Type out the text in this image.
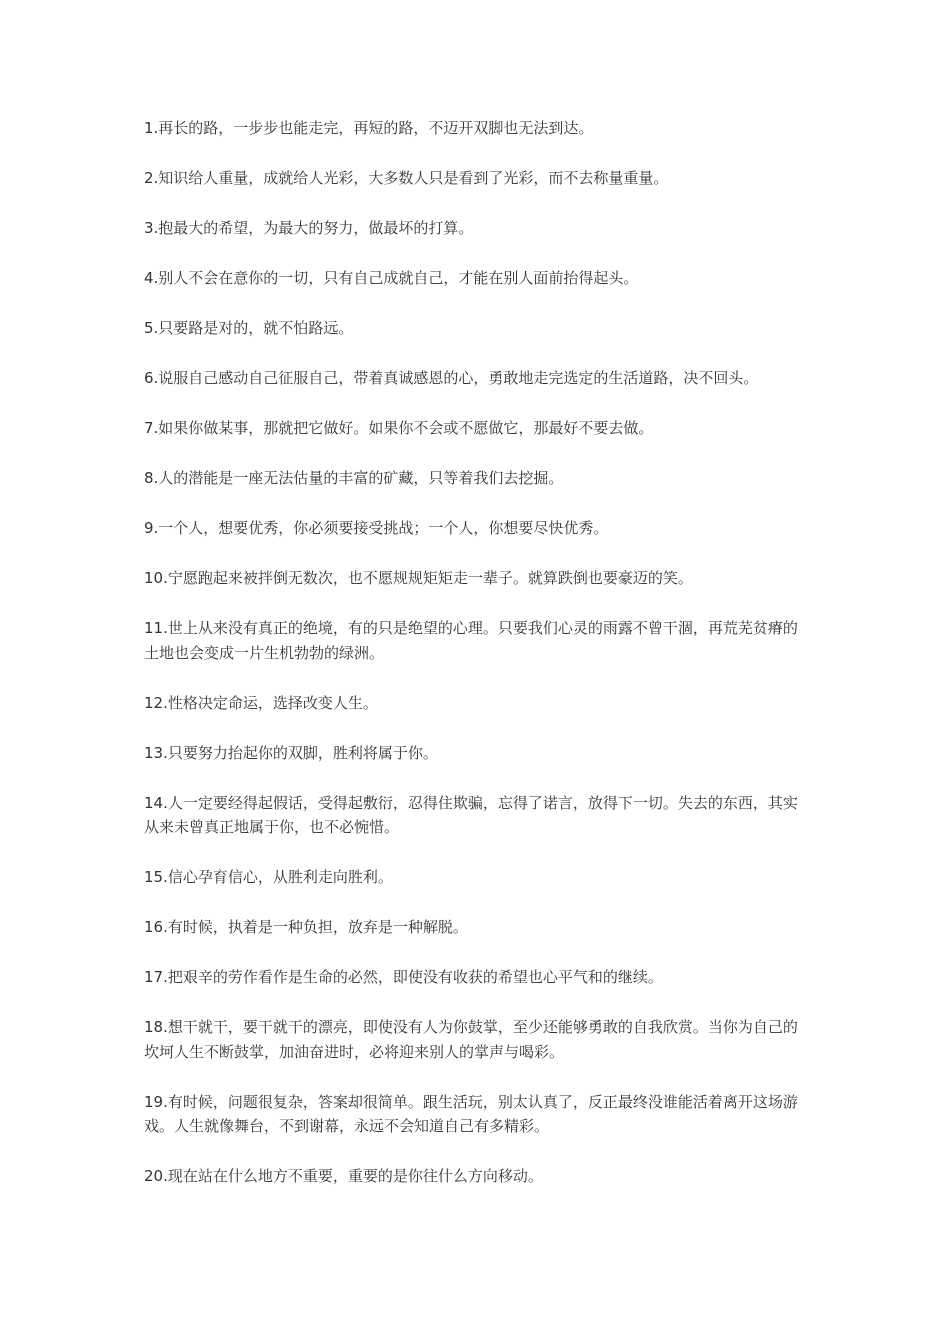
1.再长的路，一步步也能走完，再短的路，不迈开双脚也无法到达。
2.知识给人重量，成就给人光彩，大多数人只是看到了光彩，而不去称量重量。
3.抱最大的希望，为最大的努力，做最坏的打算。
4.别人不会在意你的一切，只有自己成就自己，才能在别人面前抬得起头。
5.只要路是对的，就不怕路远。
6.说服自己感动自己征服自己，带着真诚感恩的心，勇敢地走完选定的生活道路，决不回头。
7.如果你做某事，那就把它做好。如果你不会或不愿做它，那最好不要去做。
8.人的潜能是一座无法估量的丰富的矿藏，只等着我们去挖掘。
9.一个人，想要优秀，你必须要接受挑战；一个人，你想要尽快优秀。
10.宁愿跑起来被拌倒无数次，也不愿规规矩矩走一辈子。就算跌倒也要豪迈的笑。
11.世上从来没有真正的绝境，有的只是绝望的心理。只要我们心灵的雨露不曾干涸，再荒芜贫瘠的土地也会变成一片生机勃勃的绿洲。
12.性格决定命运，选择改变人生。
13.只要努力抬起你的双脚，胜利将属于你。
14.人一定要经得起假话，受得起敷衍，忍得住欺骗，忘得了诺言，放得下一切。失去的东西，其实从来未曾真正地属于你，也不必惋惜。
15.信心孕育信心，从胜利走向胜利。
16.有时候，执着是一种负担，放弃是一种解脱。
17.把艰辛的劳作看作是生命的必然，即使没有收获的希望也心平气和的继续。
18.想干就干，要干就干的漂亮，即使没有人为你鼓掌，至少还能够勇敢的自我欣赏。当你为自己的坎坷人生不断鼓掌，加油奋进时，必将迎来别人的掌声与喝彩。
19.有时候，问题很复杂，答案却很简单。跟生活玩，别太认真了，反正最终没谁能活着离开这场游戏。人生就像舞台，不到谢幕，永远不会知道自己有多精彩。
20.现在站在什么地方不重要，重要的是你往什么方向移动。
